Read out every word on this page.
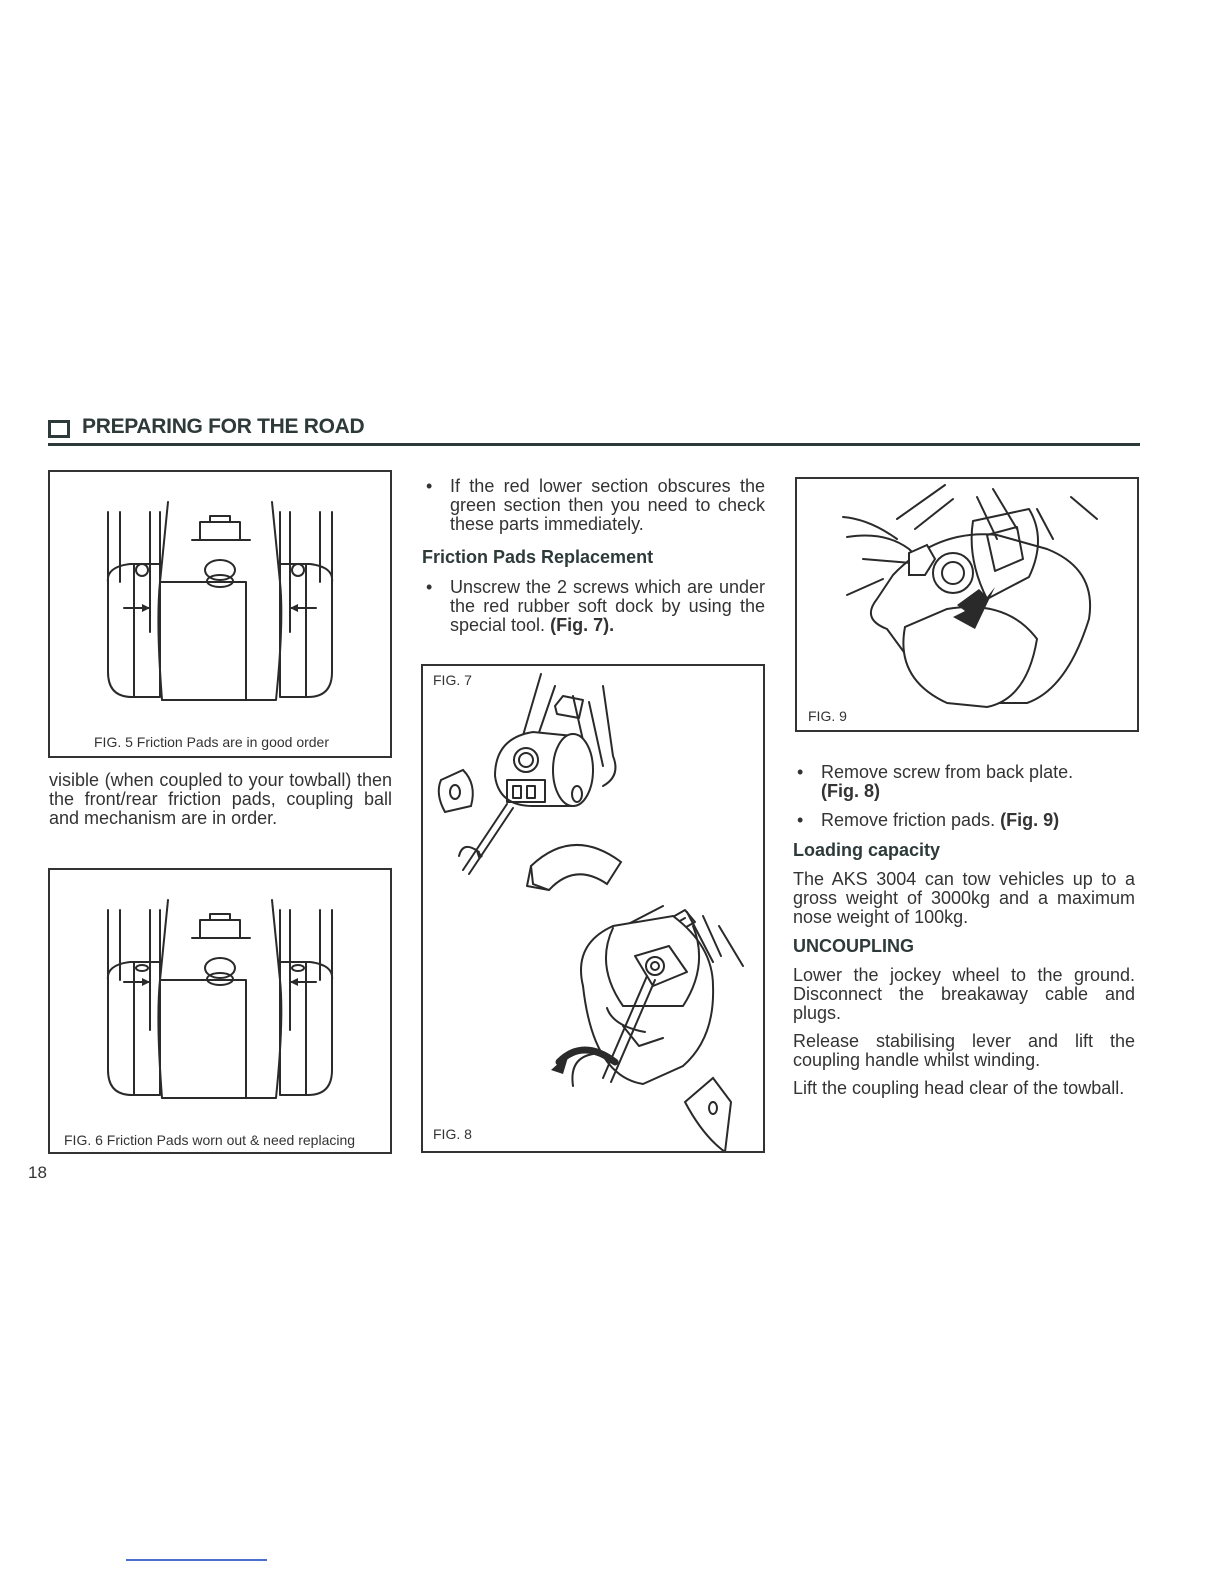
PREPARING FOR THE ROAD
FIG. 5 Friction Pads are in good order

visible (when coupled to your towball) then the front/rear friction pads, coupling ball and mechanism are in order.

FIG. 6 Friction Pads worn out & need replacing
• If the red lower section obscures the green section then you need to check these parts immediately.

Friction Pads Replacement

• Unscrew the 2 screws which are under the red rubber soft dock by using the special tool. (Fig. 7).
FIG. 7
FIG. 8
FIG. 9
• Remove screw from back plate.
(Fig. 8)
• Remove friction pads. (Fig. 9)

Loading capacity

The AKS 3004 can tow vehicles up to a gross weight of 3000kg and a maximum nose weight of 100kg.

UNCOUPLING

Lower the jockey wheel to the ground. Disconnect the breakaway cable and plugs.

Release stabilising lever and lift the coupling handle whilst winding.

Lift the coupling head clear of the towball.

18
